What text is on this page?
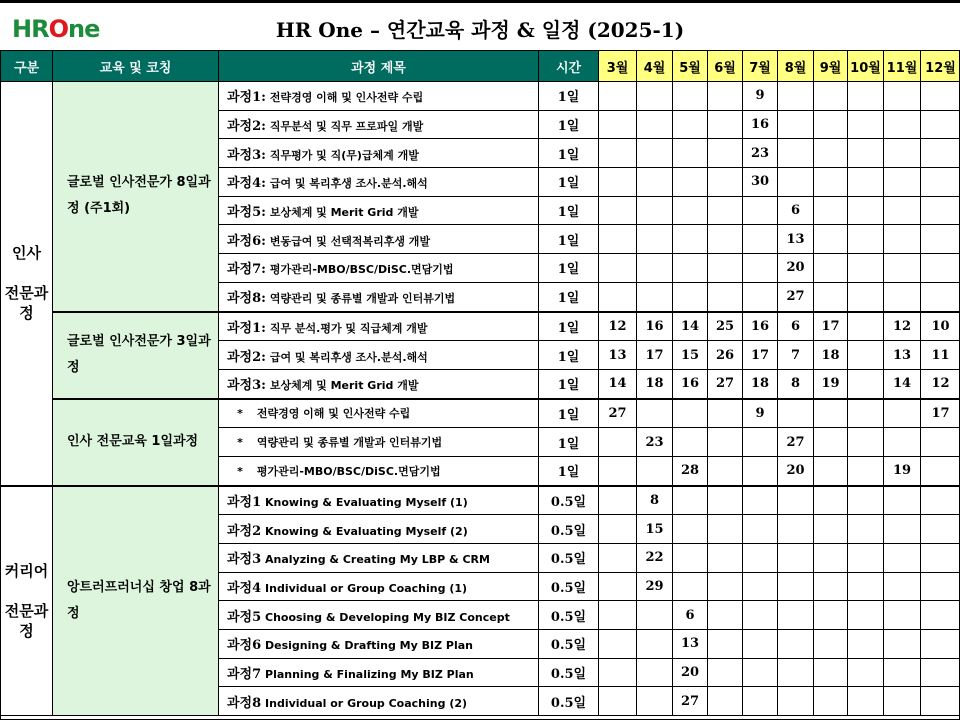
HROne	HR One – 연간교육 과정 & 일정 (2025-1)
구분	교육 및 코칭	과정 제목	시간	3월	4월	5월	6월	7월	8월	9월	10월	11월	12월
인사

전문과정	글로벌 인사전문가 8일과정 (주1회)	과정1: 전략경영 이해 및 인사전략 수립	1일					9					
		과정2: 직무분석 및 직무 프로파일 개발	1일					16					
		과정3: 직무평가 및 직(무)급체계 개발	1일					23					
		과정4: 급여 및 복리후생 조사.분석.해석	1일					30					
		과정5: 보상체계 및 Merit Grid 개발	1일						6				
		과정6: 변동급여 및 선택적복리후생 개발	1일						13				
		과정7: 평가관리-MBO/BSC/DiSC.면담기법	1일						20				
		과정8: 역량관리 및 종류별 개발과 인터뷰기법	1일						27				
	글로벌 인사전문가 3일과정	과정1: 직무 분석.평가 및 직급체계 개발	1일	12	16	14	25	16	6	17		12	10
		과정2: 급여 및 복리후생 조사.분석.해석	1일	13	17	15	26	17	7	18		13	11
		과정3: 보상체계 및 Merit Grid 개발	1일	14	18	16	27	18	8	19		14	12
	인사 전문교육 1일과정	* 전략경영 이해 및 인사전략 수립	1일	27				9					17
		* 역량관리 및 종류별 개발과 인터뷰기법	1일		23				27				
		* 평가관리-MBO/BSC/DiSC.면담기법	1일			28			20			19	
커리어

전문과정	앙트러프러너십 창업 8과정	과정1 Knowing & Evaluating Myself (1)	0.5일		8								
		과정2 Knowing & Evaluating Myself (2)	0.5일		15								
		과정3 Analyzing & Creating My LBP & CRM	0.5일		22								
		과정4 Individual or Group Coaching (1)	0.5일		29								
		과정5 Choosing & Developing My BIZ Concept	0.5일			6							
		과정6 Designing & Drafting My BIZ Plan	0.5일			13							
		과정7 Planning & Finalizing My BIZ Plan	0.5일			20							
		과정8 Individual or Group Coaching (2)	0.5일			27							
